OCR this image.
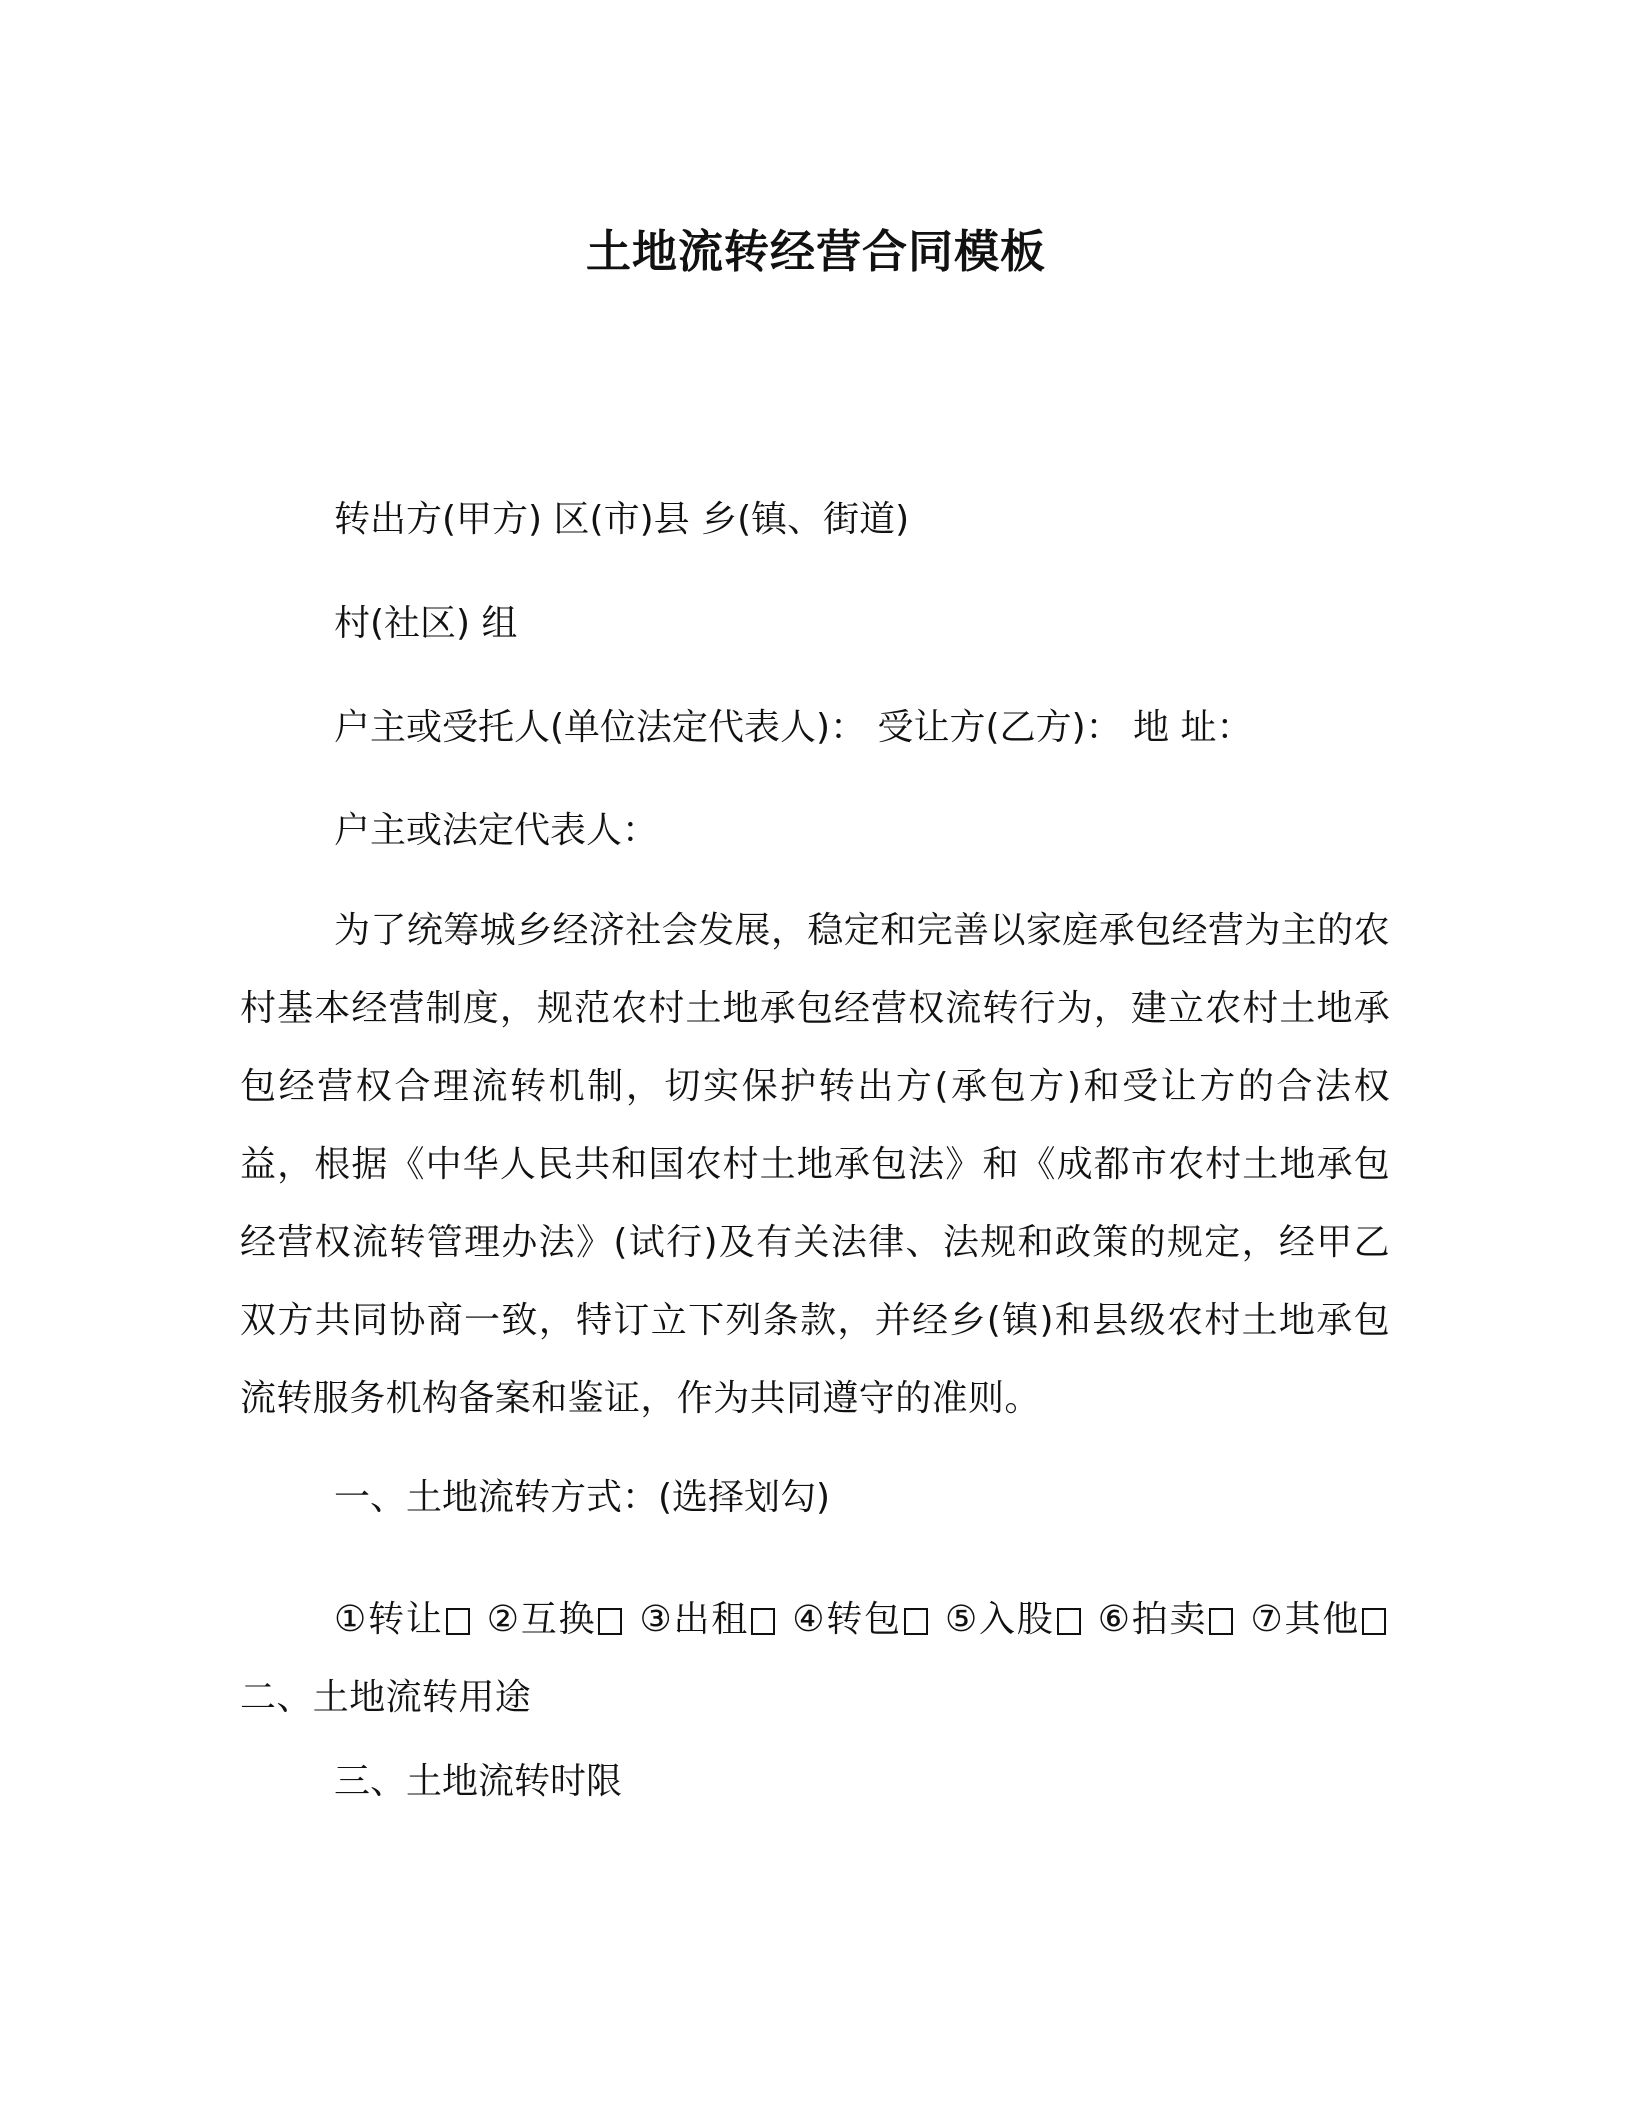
土地流转经营合同模板

转出方(甲方) 区(市)县 乡(镇、街道)

村(社区) 组

户主或受托人(单位法定代表人)： 受让方(乙方)： 地 址：

户主或法定代表人：

为了统筹城乡经济社会发展，稳定和完善以家庭承包经营为主的农村基本经营制度，规范农村土地承包经营权流转行为，建立农村土地承包经营权合理流转机制，切实保护转出方(承包方)和受让方的合法权益，根据《中华人民共和国农村土地承包法》和《成都市农村土地承包经营权流转管理办法》(试行)及有关法律、法规和政策的规定，经甲乙双方共同协商一致，特订立下列条款，并经乡(镇)和县级农村土地承包流转服务机构备案和鉴证，作为共同遵守的准则。

一、土地流转方式：(选择划勾)

①转让 ②互换 ③出租 ④转包 ⑤入股 ⑥拍卖 ⑦其他 二、土地流转用途

三、土地流转时限
